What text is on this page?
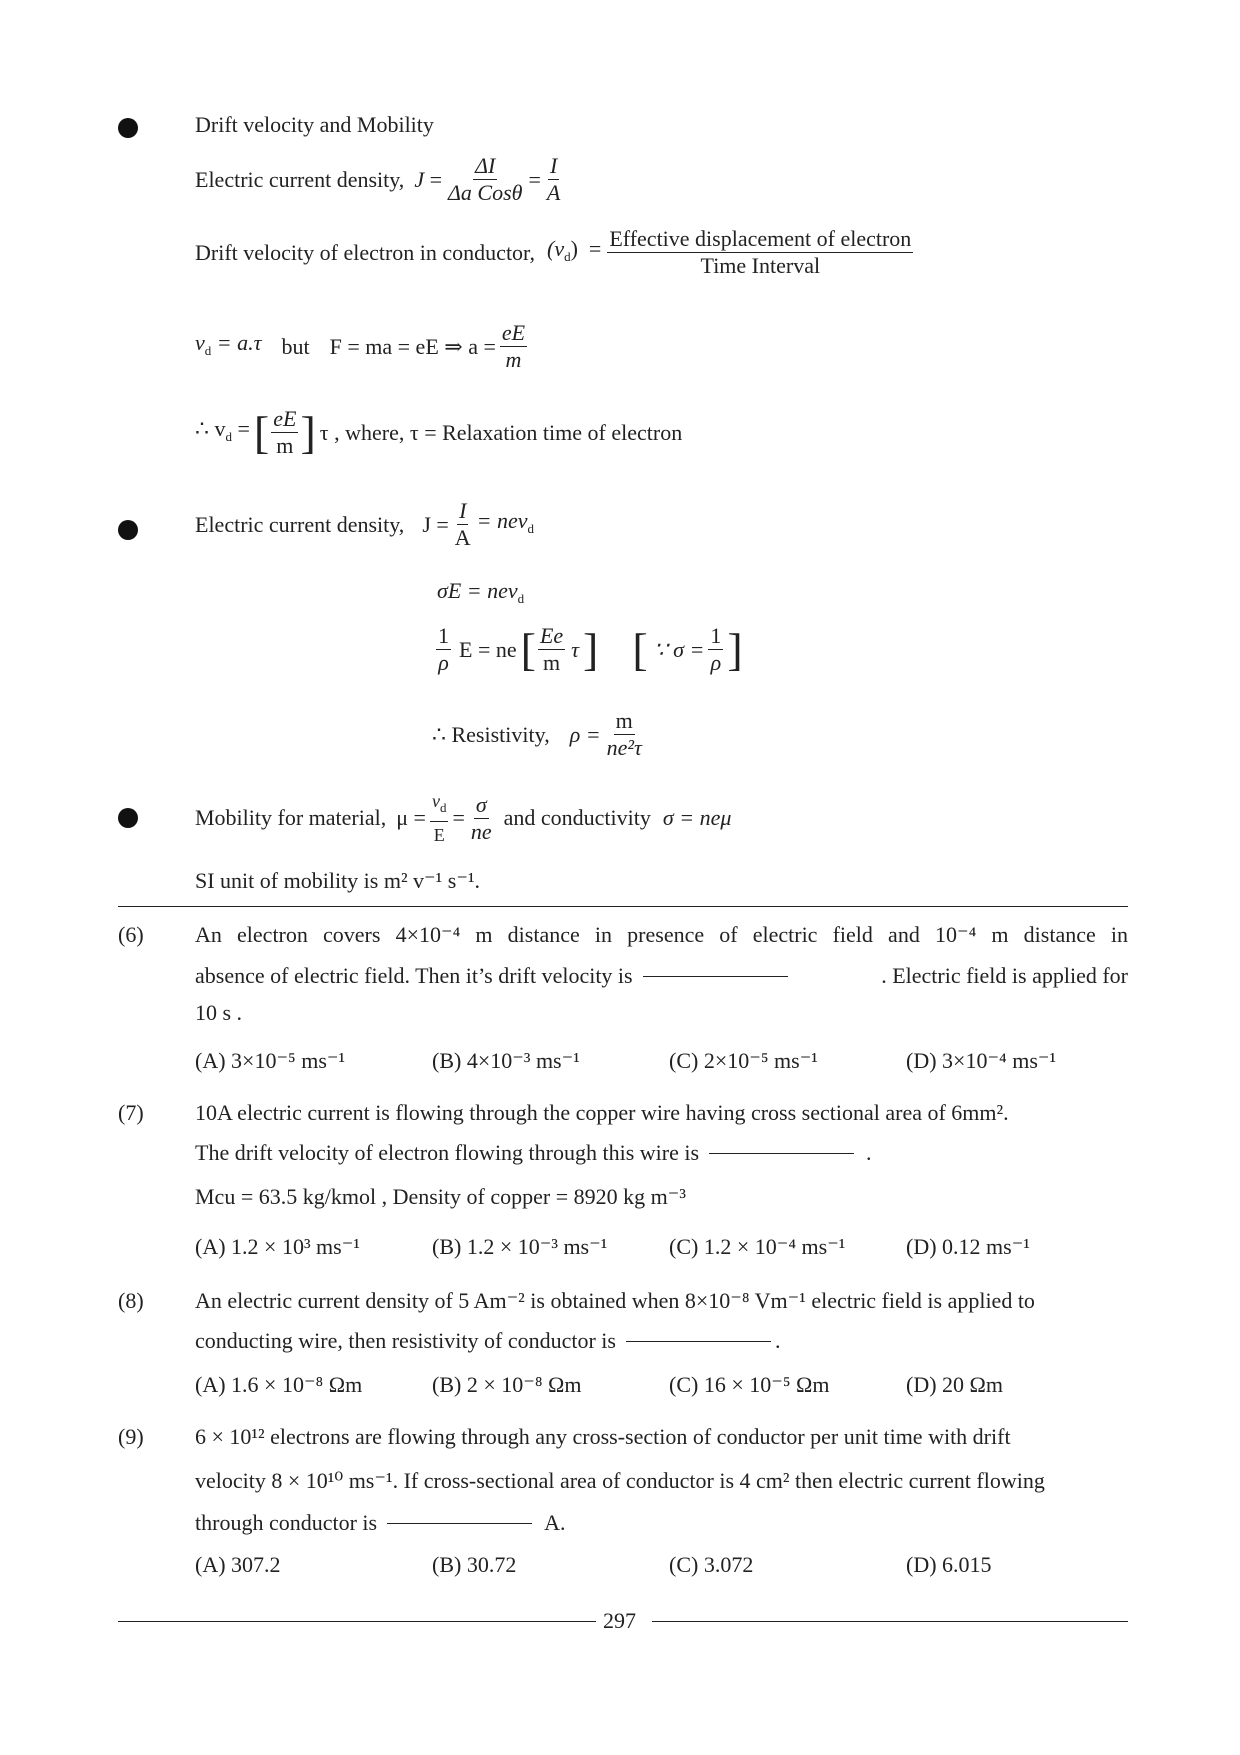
Drift velocity and Mobility
Electric current density, $J = \frac{\Delta I}{\text{Δa Cosθ}} = \frac{I}{A}$
Drift velocity of electron in conductor, $(v_d) = \frac{\text{Effective displacement of electron}}{\text{Time Interval}}$
$v_d = a.\tau$ but F = ma = eE ⇒ $a = \frac{eE}{m}$
∴ $v_d$ = [ $\frac{eE}{m}$ ] τ , where, τ = Relaxation time of electron
Electric current density, $J = \frac{I}{A} = nev_d$
σE = nev$_d$
$\frac{1}{\rho}$ E = ne [ $\frac{Ee}{m}$ τ ] [ ∵ $\sigma = \frac{1}{\rho}$ ]
∴ Resistivity, $\rho = \frac{m}{\text{ne²τ}}$
Mobility for material, $\mu = \frac{v_d}{E} = \frac{\sigma}{ne}$ and conductivity σ = neμ
SI unit of mobility is m² v⁻¹ s⁻¹.
(6) An electron covers 4×10⁻⁴ m distance in presence of electric field and 10⁻⁴ m distance in
absence of electric field. Then it’s drift velocity is	. Electric field is applied for
10 s .
(A) 3×10⁻⁵ ms⁻¹	(B) 4×10⁻³ ms⁻¹	(C) 2×10⁻⁵ ms⁻¹	(D) 3×10⁻⁴ ms⁻¹
(7) 10A electric current is flowing through the copper wire having cross sectional area of 6mm².
The drift velocity of electron flowing through this wire is	.
Mcu = 63.5 kg/kmol , Density of copper = 8920 kg m⁻³
(A) 1.2 × 10³ ms⁻¹	(B) 1.2 × 10⁻³ ms⁻¹	(C) 1.2 × 10⁻⁴ ms⁻¹	(D) 0.12 ms⁻¹
(8) An electric current density of 5 Am⁻² is obtained when 8×10⁻⁸ Vm⁻¹ electric field is applied to
conducting wire, then resistivity of conductor is	.
(A) 1.6 × 10⁻⁸ Ωm	(B) 2 × 10⁻⁸ Ωm	(C) 16 × 10⁻⁵ Ωm	(D) 20 Ωm
(9) 6 × 10¹² electrons are flowing through any cross-section of conductor per unit time with drift
velocity 8 × 10¹⁰ ms⁻¹. If cross-sectional area of conductor is 4 cm² then electric current flowing
through conductor is	A.
(A) 307.2	(B) 30.72	(C) 3.072	(D) 6.015
297
